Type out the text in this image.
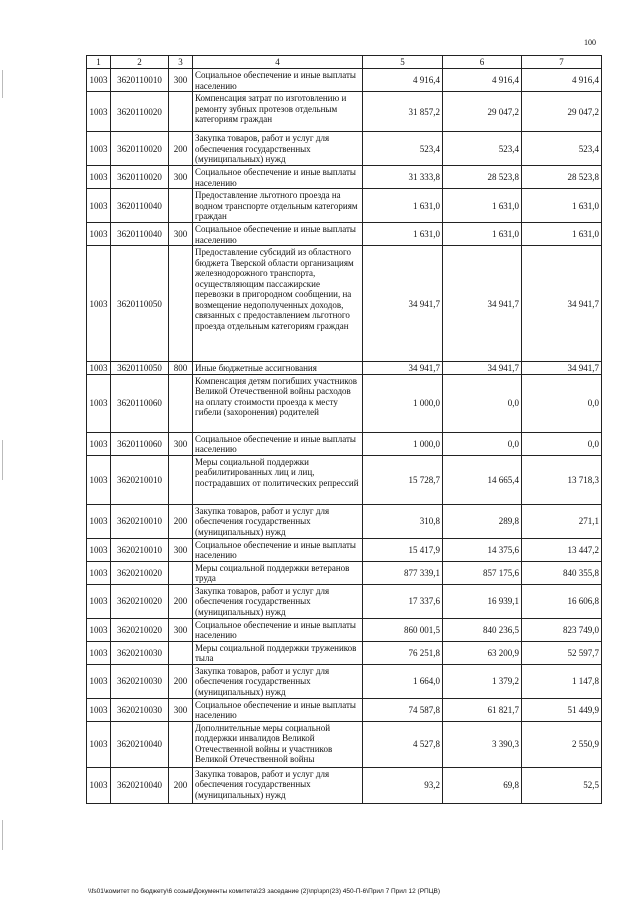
100
1	2	3	4	5	6	7
1003	3620110010	300	Социальное обеспечение и иные выплаты населению	4 916,4	4 916,4	4 916,4
1003	3620110020		Компенсация затрат по изготовлению и ремонту зубных протезов отдельным категориям граждан	31 857,2	29 047,2	29 047,2
1003	3620110020	200	Закупка товаров, работ и услуг для обеспечения государственных (муниципальных) нужд	523,4	523,4	523,4
1003	3620110020	300	Социальное обеспечение и иные выплаты населению	31 333,8	28 523,8	28 523,8
1003	3620110040		Предоставление льготного проезда на водном транспорте отдельным категориям граждан	1 631,0	1 631,0	1 631,0
1003	3620110040	300	Социальное обеспечение и иные выплаты населению	1 631,0	1 631,0	1 631,0
1003	3620110050		Предоставление субсидий из областного бюджета Тверской области организациям железнодорожного транспорта, осуществляющим пассажирские перевозки в пригородном сообщении, на возмещение недополученных доходов, связанных с предоставлением льготного проезда отдельным категориям граждан	34 941,7	34 941,7	34 941,7
1003	3620110050	800	Иные бюджетные ассигнования	34 941,7	34 941,7	34 941,7
1003	3620110060		Компенсация детям погибших участников Великой Отечественной войны расходов на оплату стоимости проезда к месту гибели (захоронения) родителей	1 000,0	0,0	0,0
1003	3620110060	300	Социальное обеспечение и иные выплаты населению	1 000,0	0,0	0,0
1003	3620210010		Меры социальной поддержки реабилитированных лиц и лиц, пострадавших от политических репрессий	15 728,7	14 665,4	13 718,3
1003	3620210010	200	Закупка товаров, работ и услуг для обеспечения государственных (муниципальных) нужд	310,8	289,8	271,1
1003	3620210010	300	Социальное обеспечение и иные выплаты населению	15 417,9	14 375,6	13 447,2
1003	3620210020		Меры социальной поддержки ветеранов труда	877 339,1	857 175,6	840 355,8
1003	3620210020	200	Закупка товаров, работ и услуг для обеспечения государственных (муниципальных) нужд	17 337,6	16 939,1	16 606,8
1003	3620210020	300	Социальное обеспечение и иные выплаты населению	860 001,5	840 236,5	823 749,0
1003	3620210030		Меры социальной поддержки тружеников тыла	76 251,8	63 200,9	52 597,7
1003	3620210030	200	Закупка товаров, работ и услуг для обеспечения государственных (муниципальных) нужд	1 664,0	1 379,2	1 147,8
1003	3620210030	300	Социальное обеспечение и иные выплаты населению	74 587,8	61 821,7	51 449,9
1003	3620210040		Дополнительные меры социальной поддержки инвалидов Великой Отечественной войны и участников Великой Отечественной войны	4 527,8	3 390,3	2 550,9
1003	3620210040	200	Закупка товаров, работ и услуг для обеспечения государственных (муниципальных) нужд	93,2	69,8	52,5
\\fs01\комитет по бюджету\6 созыв\Документы комитета\23 заседание (2)\пр\зрп(23) 450-П-6\Прил 7 Прил 12 (РПЦВ)
